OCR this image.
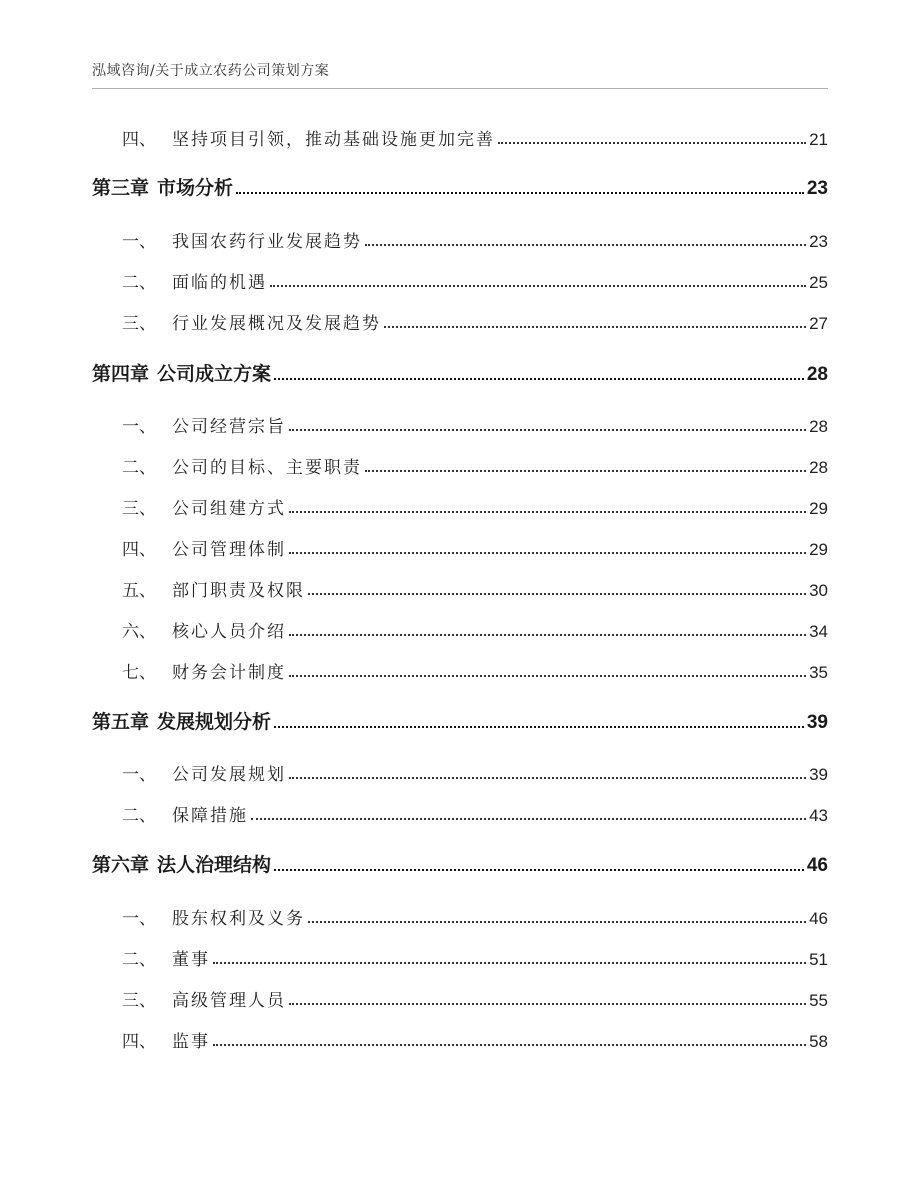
泓域咨询/关于成立农药公司策划方案
四、 坚持项目引领，推动基础设施更加完善	21
第三章 市场分析	23
一、 我国农药行业发展趋势	23
二、 面临的机遇	25
三、 行业发展概况及发展趋势	27
第四章 公司成立方案	28
一、 公司经营宗旨	28
二、 公司的目标、主要职责	28
三、 公司组建方式	29
四、 公司管理体制	29
五、 部门职责及权限	30
六、 核心人员介绍	34
七、 财务会计制度	35
第五章 发展规划分析	39
一、 公司发展规划	39
二、 保障措施	43
第六章 法人治理结构	46
一、 股东权利及义务	46
二、 董事	51
三、 高级管理人员	55
四、 监事	58
